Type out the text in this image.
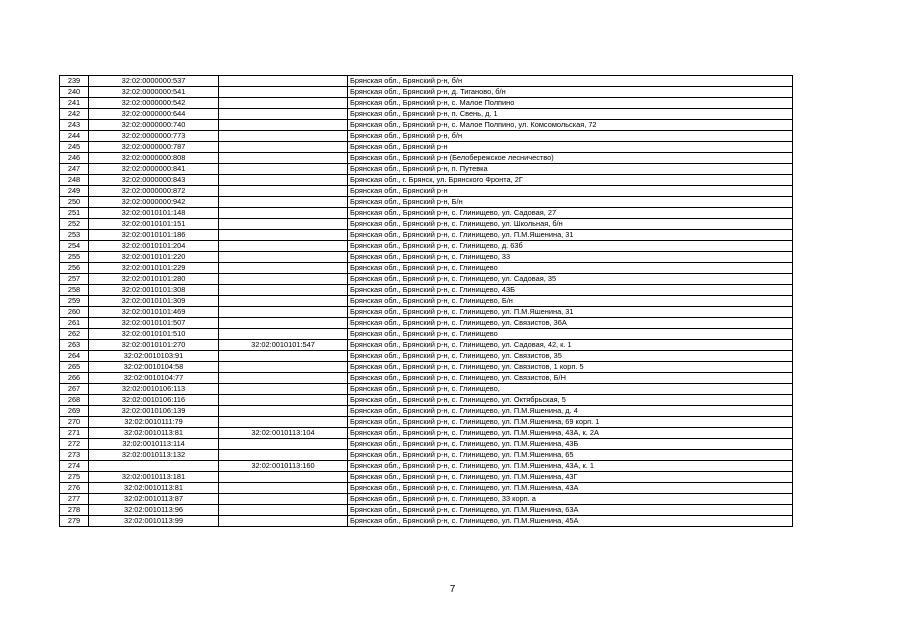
239	32:02:0000000:537		Брянская обл., Брянский р-н, б/н
240	32:02:0000000:541		Брянская обл., Брянский р-н, д. Тиганово, б/н
241	32:02:0000000:542		Брянская обл., Брянский р-н, с. Малое Полпино
242	32:02:0000000:644		Брянская обл., Брянский р-н, п. Свень, д. 1
243	32:02:0000000:740		Брянская обл., Брянский р-н, с. Малое Полпино, ул. Комсомольская, 72
244	32:02:0000000:773		Брянская обл., Брянский р-н, б/н
245	32:02:0000000:787		Брянская обл., Брянский р-н
246	32:02:0000000:808		Брянская обл., Брянский р-н (Белобережское лесничество)
247	32:02:0000000:841		Брянская обл., Брянский р-н, п. Путевка
248	32:02:0000000:843		Брянская обл., г. Брянск, ул. Брянского Фронта, 2Г
249	32:02:0000000:872		Брянская обл., Брянский р-н
250	32:02:0000000:942		Брянская обл., Брянский р-н, Б/н
251	32:02:0010101:148		Брянская обл., Брянский р-н, с. Глинищево, ул. Садовая, 27
252	32:02:0010101:151		Брянская обл., Брянский р-н, с. Глинищево, ул. Школьная, б/н
253	32:02:0010101:186		Брянская обл., Брянский р-н, с. Глинищево, ул. П.М.Яшенина, 31
254	32:02:0010101:204		Брянская обл., Брянский р-н, с. Глинищево, д. 63б
255	32:02:0010101:220		Брянская обл., Брянский р-н, с. Глинищево, 33
256	32:02:0010101:229		Брянская обл., Брянский р-н, с. Глинищево
257	32:02:0010101:280		Брянская обл., Брянский р-н, с. Глинищево, ул. Садовая, 35
258	32:02:0010101:308		Брянская обл., Брянский р-н, с. Глинищево, 43Б
259	32:02:0010101:309		Брянская обл., Брянский р-н, с. Глинищево, Б/н
260	32:02:0010101:469		Брянская обл., Брянский р-н, с. Глинищево, ул. П.М.Яшенина, 31
261	32:02:0010101:507		Брянская обл., Брянский р-н, с. Глинищево, ул. Связистов, 36А
262	32:02:0010101:510		Брянская обл., Брянский р-н, с. Глинищево
263	32:02:0010101:270	32:02:0010101:547	Брянская обл., Брянский р-н, с. Глинищево, ул. Садовая, 42, к. 1
264	32:02:0010103:91		Брянская обл., Брянский р-н, с. Глинищево, ул. Связистов, 35
265	32:02:0010104:58		Брянская обл., Брянский р-н, с. Глинищево, ул. Связистов, 1 корп. 5
266	32:02:0010104:77		Брянская обл., Брянский р-н, с. Глинищево, ул. Связистов, Б/Н
267	32:02:0010106:113		Брянская обл., Брянский р-н, с. Глинищево,
268	32:02:0010106:116		Брянская обл., Брянский р-н, с. Глинищево, ул. Октябрьская, 5
269	32:02:0010106:139		Брянская обл., Брянский р-н, с. Глинищево, ул. П.М.Яшенина, д. 4
270	32:02:0010111:79		Брянская обл., Брянский р-н, с. Глинищево, ул. П.М.Яшенина, 69 корп. 1
271	32:02:0010113:81	32:02:0010113:104	Брянская обл., Брянский р-н, с. Глинищево, ул. П.М.Яшенина, 43А, к. 2А
272	32:02:0010113:114		Брянская обл., Брянский р-н, с. Глинищево, ул. П.М.Яшенина, 43Б
273	32:02:0010113:132		Брянская обл., Брянский р-н, с. Глинищево, ул. П.М.Яшенина, 65
274		32:02:0010113:160	Брянская обл., Брянский р-н, с. Глинищево, ул. П.М.Яшенина, 43А, к. 1
275	32:02:0010113:181		Брянская обл., Брянский р-н, с. Глинищево, ул. П.М.Яшенина, 43Г
276	32:02:0010113:81		Брянская обл., Брянский р-н, с. Глинищево, ул. П.М.Яшенина, 43А
277	32:02:0010113:87		Брянская обл., Брянский р-н, с. Глинищево, 33 корп. а
278	32:02:0010113:96		Брянская обл., Брянский р-н, с. Глинищево, ул. П.М.Яшенина, 63А
279	32:02:0010113:99		Брянская обл., Брянский р-н, с. Глинищево, ул. П.М.Яшенина, 45А
7
